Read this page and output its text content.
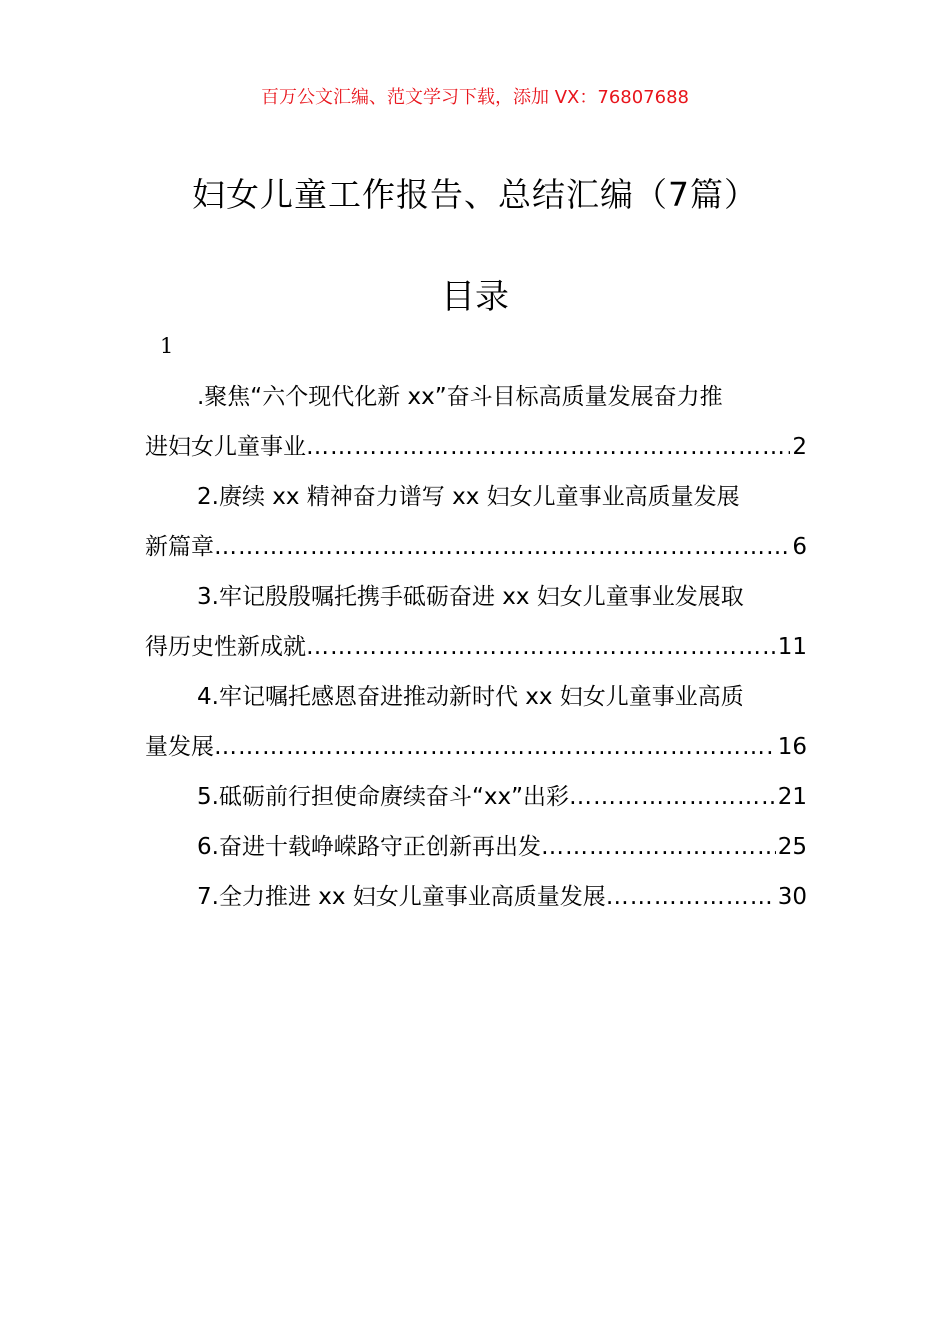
百万公文汇编、范文学习下载，添加 VX：76807688
妇女儿童工作报告、总结汇编（7篇）
目录
1
.聚焦“六个现代化新 xx”奋斗目标高质量发展奋力推
进妇女儿童事业 ……………………………………………………………………………………………………………………	2
2.赓续 xx 精神奋力谱写 xx 妇女儿童事业高质量发展
新篇章 ……………………………………………………………………………………………………………………	6
3.牢记殷殷嘱托携手砥砺奋进 xx 妇女儿童事业发展取
得历史性新成就 ……………………………………………………………………………………………………………………	11
4.牢记嘱托感恩奋进推动新时代 xx 妇女儿童事业高质
量发展 ……………………………………………………………………………………………………………………	16
5.砥砺前行担使命赓续奋斗“xx”出彩 ……………………………………………………………………………………………………………………	21
6.奋进十载峥嵘路守正创新再出发 ……………………………………………………………………………………………………………………	25
7.全力推进 xx 妇女儿童事业高质量发展 ……………………………………………………………………………………………………………………	30
